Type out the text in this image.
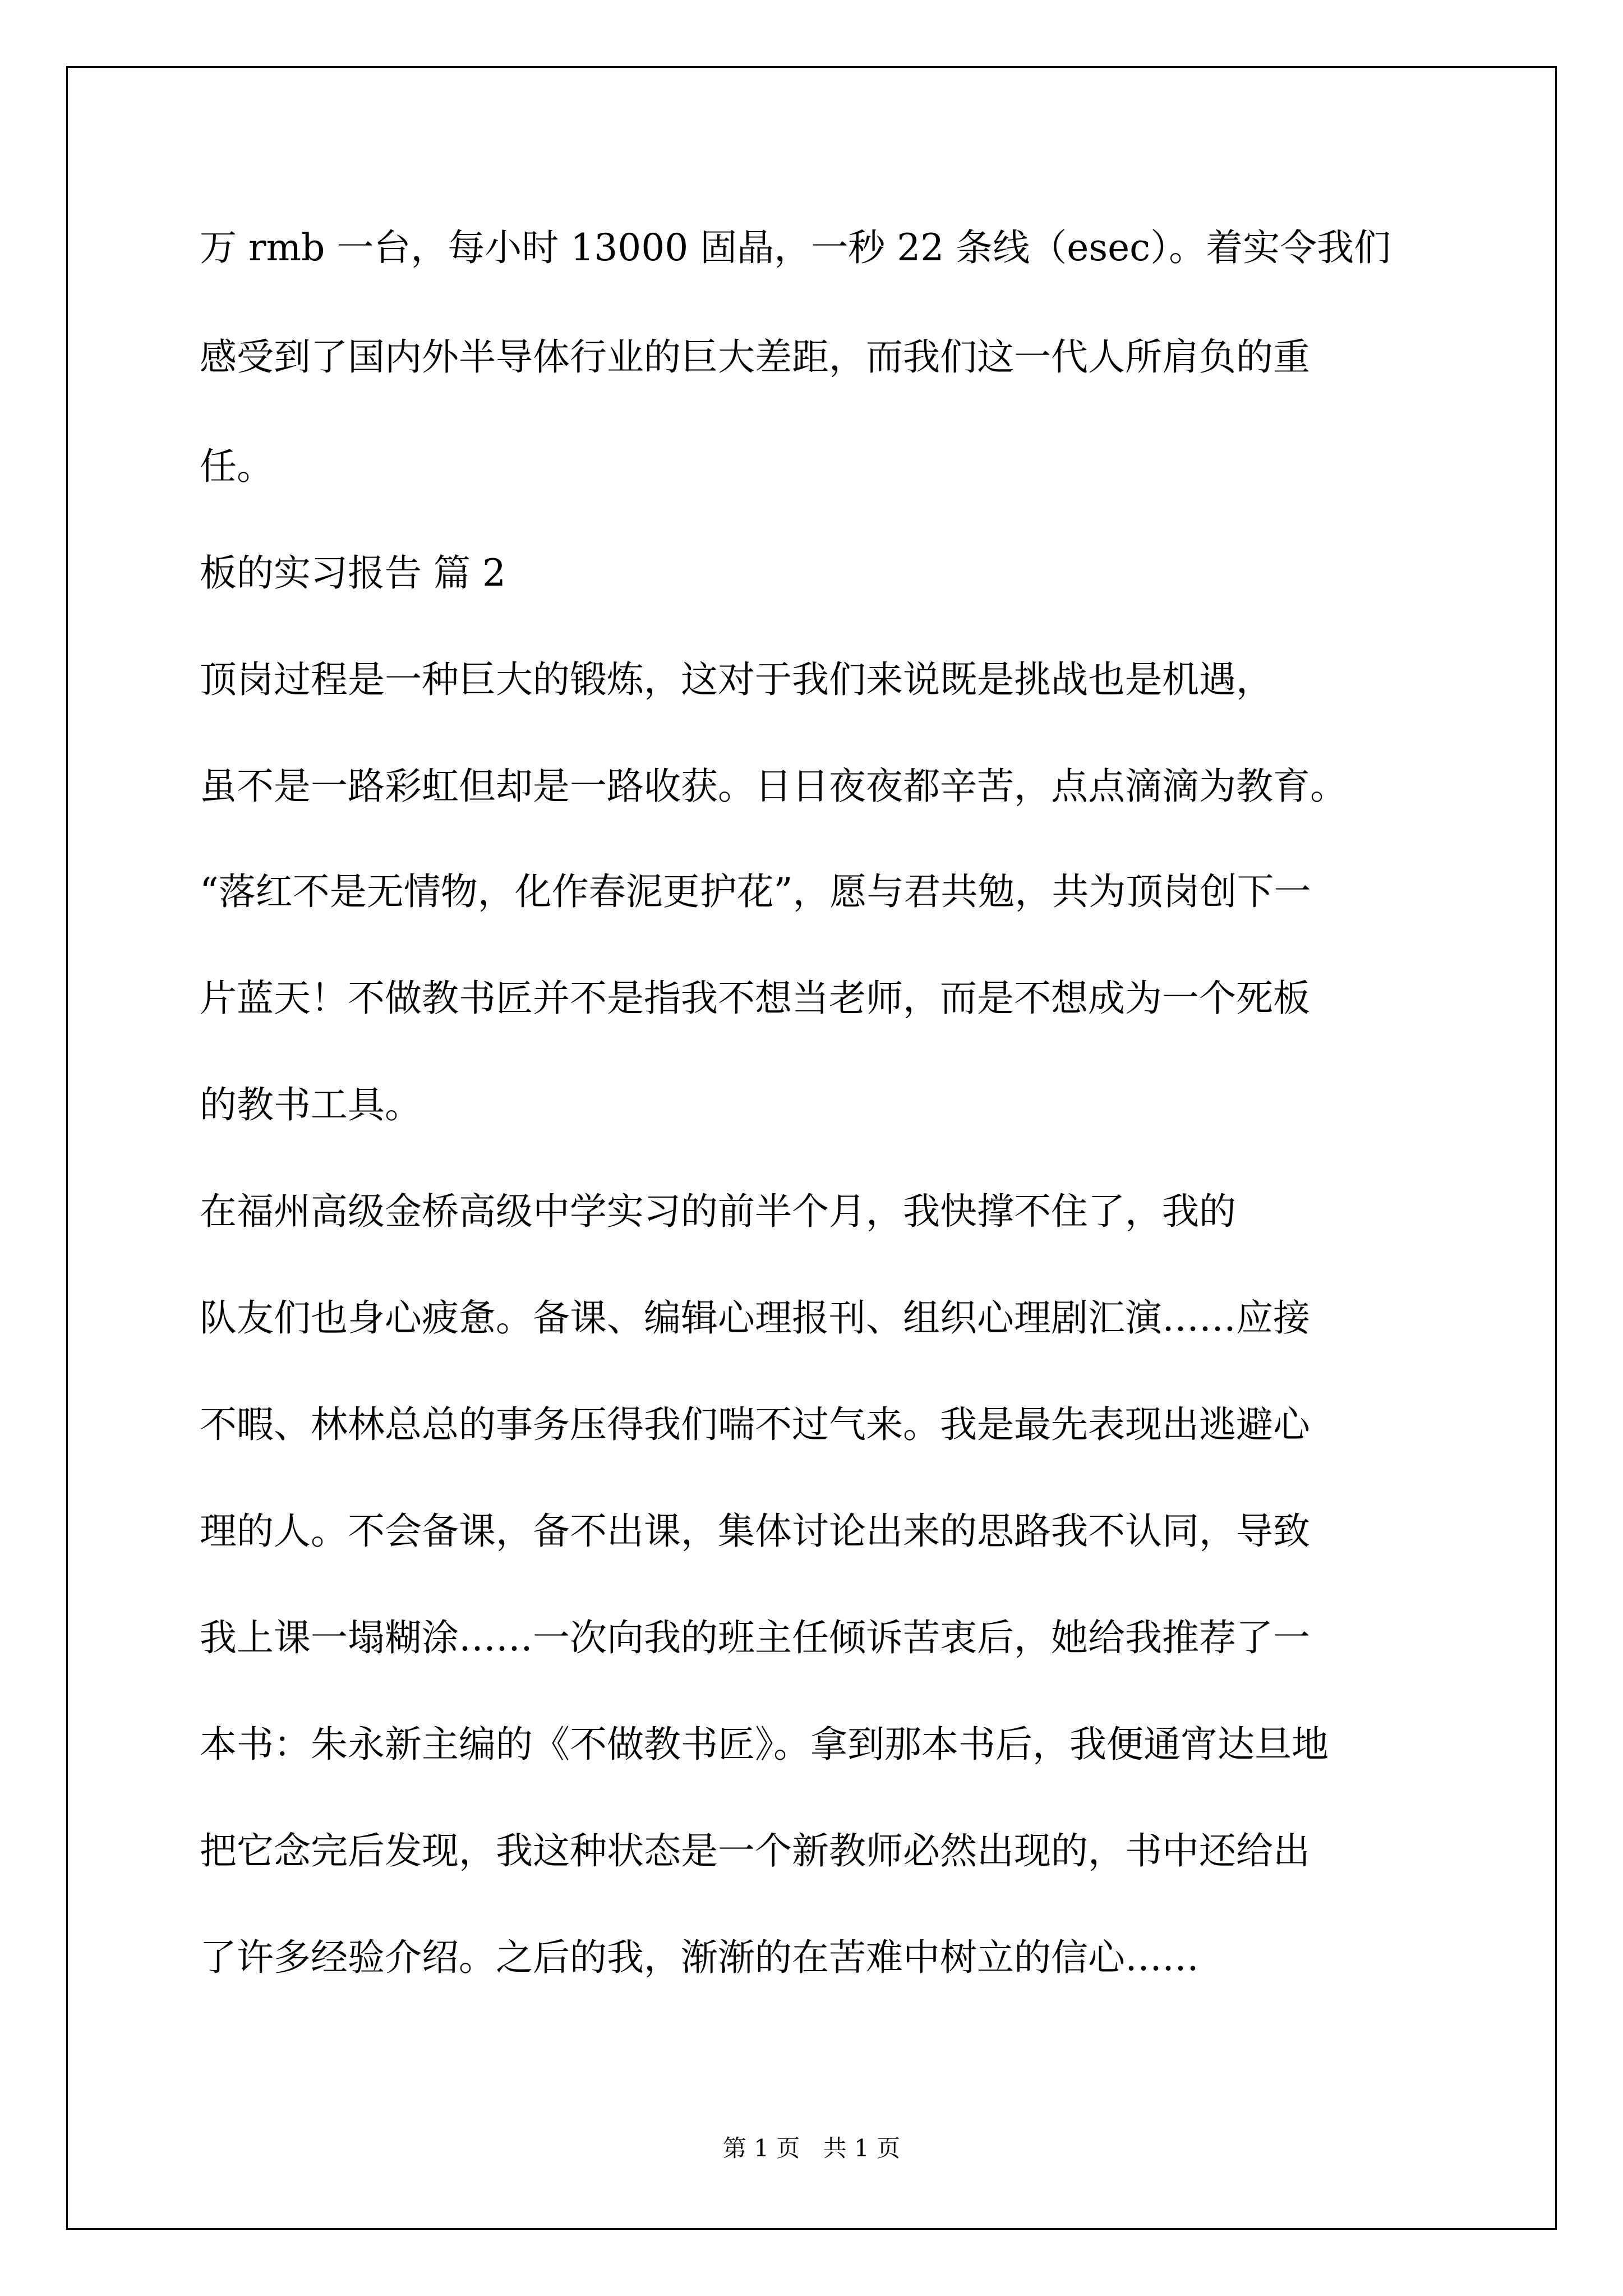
万 rmb 一台，每小时 13000 固晶，一秒 22 条线（esec）。着实令我们

感受到了国内外半导体行业的巨大差距，而我们这一代人所肩负的重

任。

板的实习报告 篇 2

顶岗过程是一种巨大的锻炼，这对于我们来说既是挑战也是机遇，

虽不是一路彩虹但却是一路收获。日日夜夜都辛苦，点点滴滴为教育。

“落红不是无情物，化作春泥更护花”，愿与君共勉，共为顶岗创下一

片蓝天！不做教书匠并不是指我不想当老师，而是不想成为一个死板

的教书工具。

在福州高级金桥高级中学实习的前半个月，我快撑不住了，我的

队友们也身心疲惫。备课、编辑心理报刊、组织心理剧汇演……应接

不暇、林林总总的事务压得我们喘不过气来。我是最先表现出逃避心

理的人。不会备课，备不出课，集体讨论出来的思路我不认同，导致

我上课一塌糊涂……一次向我的班主任倾诉苦衷后，她给我推荐了一

本书：朱永新主编的《不做教书匠》。拿到那本书后，我便通宵达旦地

把它念完后发现，我这种状态是一个新教师必然出现的，书中还给出

了许多经验介绍。之后的我，渐渐的在苦难中树立的信心……

第 1 页 共 1 页
